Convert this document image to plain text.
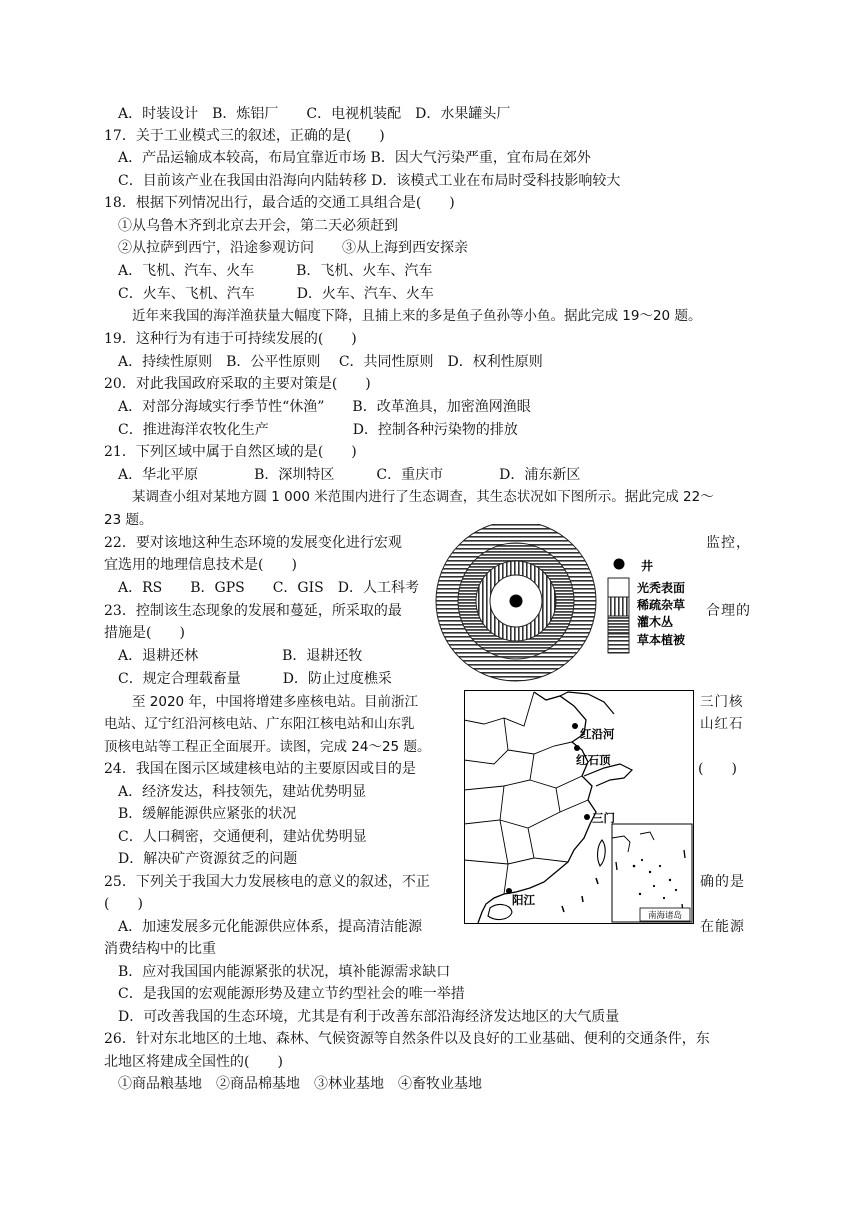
A．时装设计　B．炼铝厂　　C．电视机装配　D．水果罐头厂
17．关于工业模式三的叙述，正确的是(　　)
A．产品运输成本较高，布局宜靠近市场 B．因大气污染严重，宜布局在郊外
C．目前该产业在我国由沿海向内陆转移 D．该模式工业在布局时受科技影响较大
18．根据下列情况出行，最合适的交通工具组合是(　　)
①从乌鲁木齐到北京去开会，第二天必须赶到
②从拉萨到西宁，沿途参观访问　　③从上海到西安探亲
A．飞机、汽车、火车　　　B．飞机、火车、汽车
C．火车、飞机、汽车　　　D．火车、汽车、火车
近年来我国的海洋渔获量大幅度下降，且捕上来的多是鱼子鱼孙等小鱼。据此完成 19～20 题。
19．这种行为有违于可持续发展的(　　)
A．持续性原则　B．公平性原则　 C．共同性原则　D．权利性原则
20．对此我国政府采取的主要对策是(　　)
A．对部分海域实行季节性“休渔”　　B．改革渔具，加密渔网渔眼
C．推进海洋农牧化生产　　　　　　D．控制各种污染物的排放
21．下列区域中属于自然区域的是(　　)
A．华北平原　　　　B．深圳特区　　　C．重庆市　　　　D．浦东新区
某调查小组对某地方圆 1 000 米范围内进行了生态调查，其生态状况如下图所示。据此完成 22～
23 题。
22．要对该地这种生态环境的发展变化进行宏观	监控，
宜选用的地理信息技术是(　　)
A．RS　　B．GPS　　C．GIS　D．人工科考
23．控制该生态现象的发展和蔓延，所采取的最	合理的
措施是(　　)
A．退耕还林　　　　　　B．退耕还牧
C．规定合理载畜量　　　D．防止过度樵采
井
光秃表面
稀疏杂草
灌木丛
草本植被
至 2020 年，中国将增建多座核电站。目前浙江	三门核
电站、辽宁红沿河核电站、广东阳江核电站和山东乳	山红石
顶核电站等工程正全面展开。读图，完成 24～25 题。
24．我国在图示区域建核电站的主要原因或目的是	(　　)
A．经济发达，科技领先，建站优势明显
B．缓解能源供应紧张的状况
C．人口稠密，交通便利，建站优势明显
D．解决矿产资源贫乏的问题
25．下列关于我国大力发展核电的意义的叙述，不正	确的是
(　　)
A．加速发展多元化能源供应体系，提高清洁能源	在能源
消费结构中的比重
B．应对我国国内能源紧张的状况，填补能源需求缺口
C．是我国的宏观能源形势及建立节约型社会的唯一举措
D．可改善我国的生态环境，尤其是有利于改善东部沿海经济发达地区的大气质量
南海诸岛
红沿河
红石顶
三门
阳江
26．针对东北地区的土地、森林、气候资源等自然条件以及良好的工业基础、便利的交通条件，东
北地区将建成全国性的(　　)
①商品粮基地　②商品棉基地　③林业基地　④畜牧业基地
